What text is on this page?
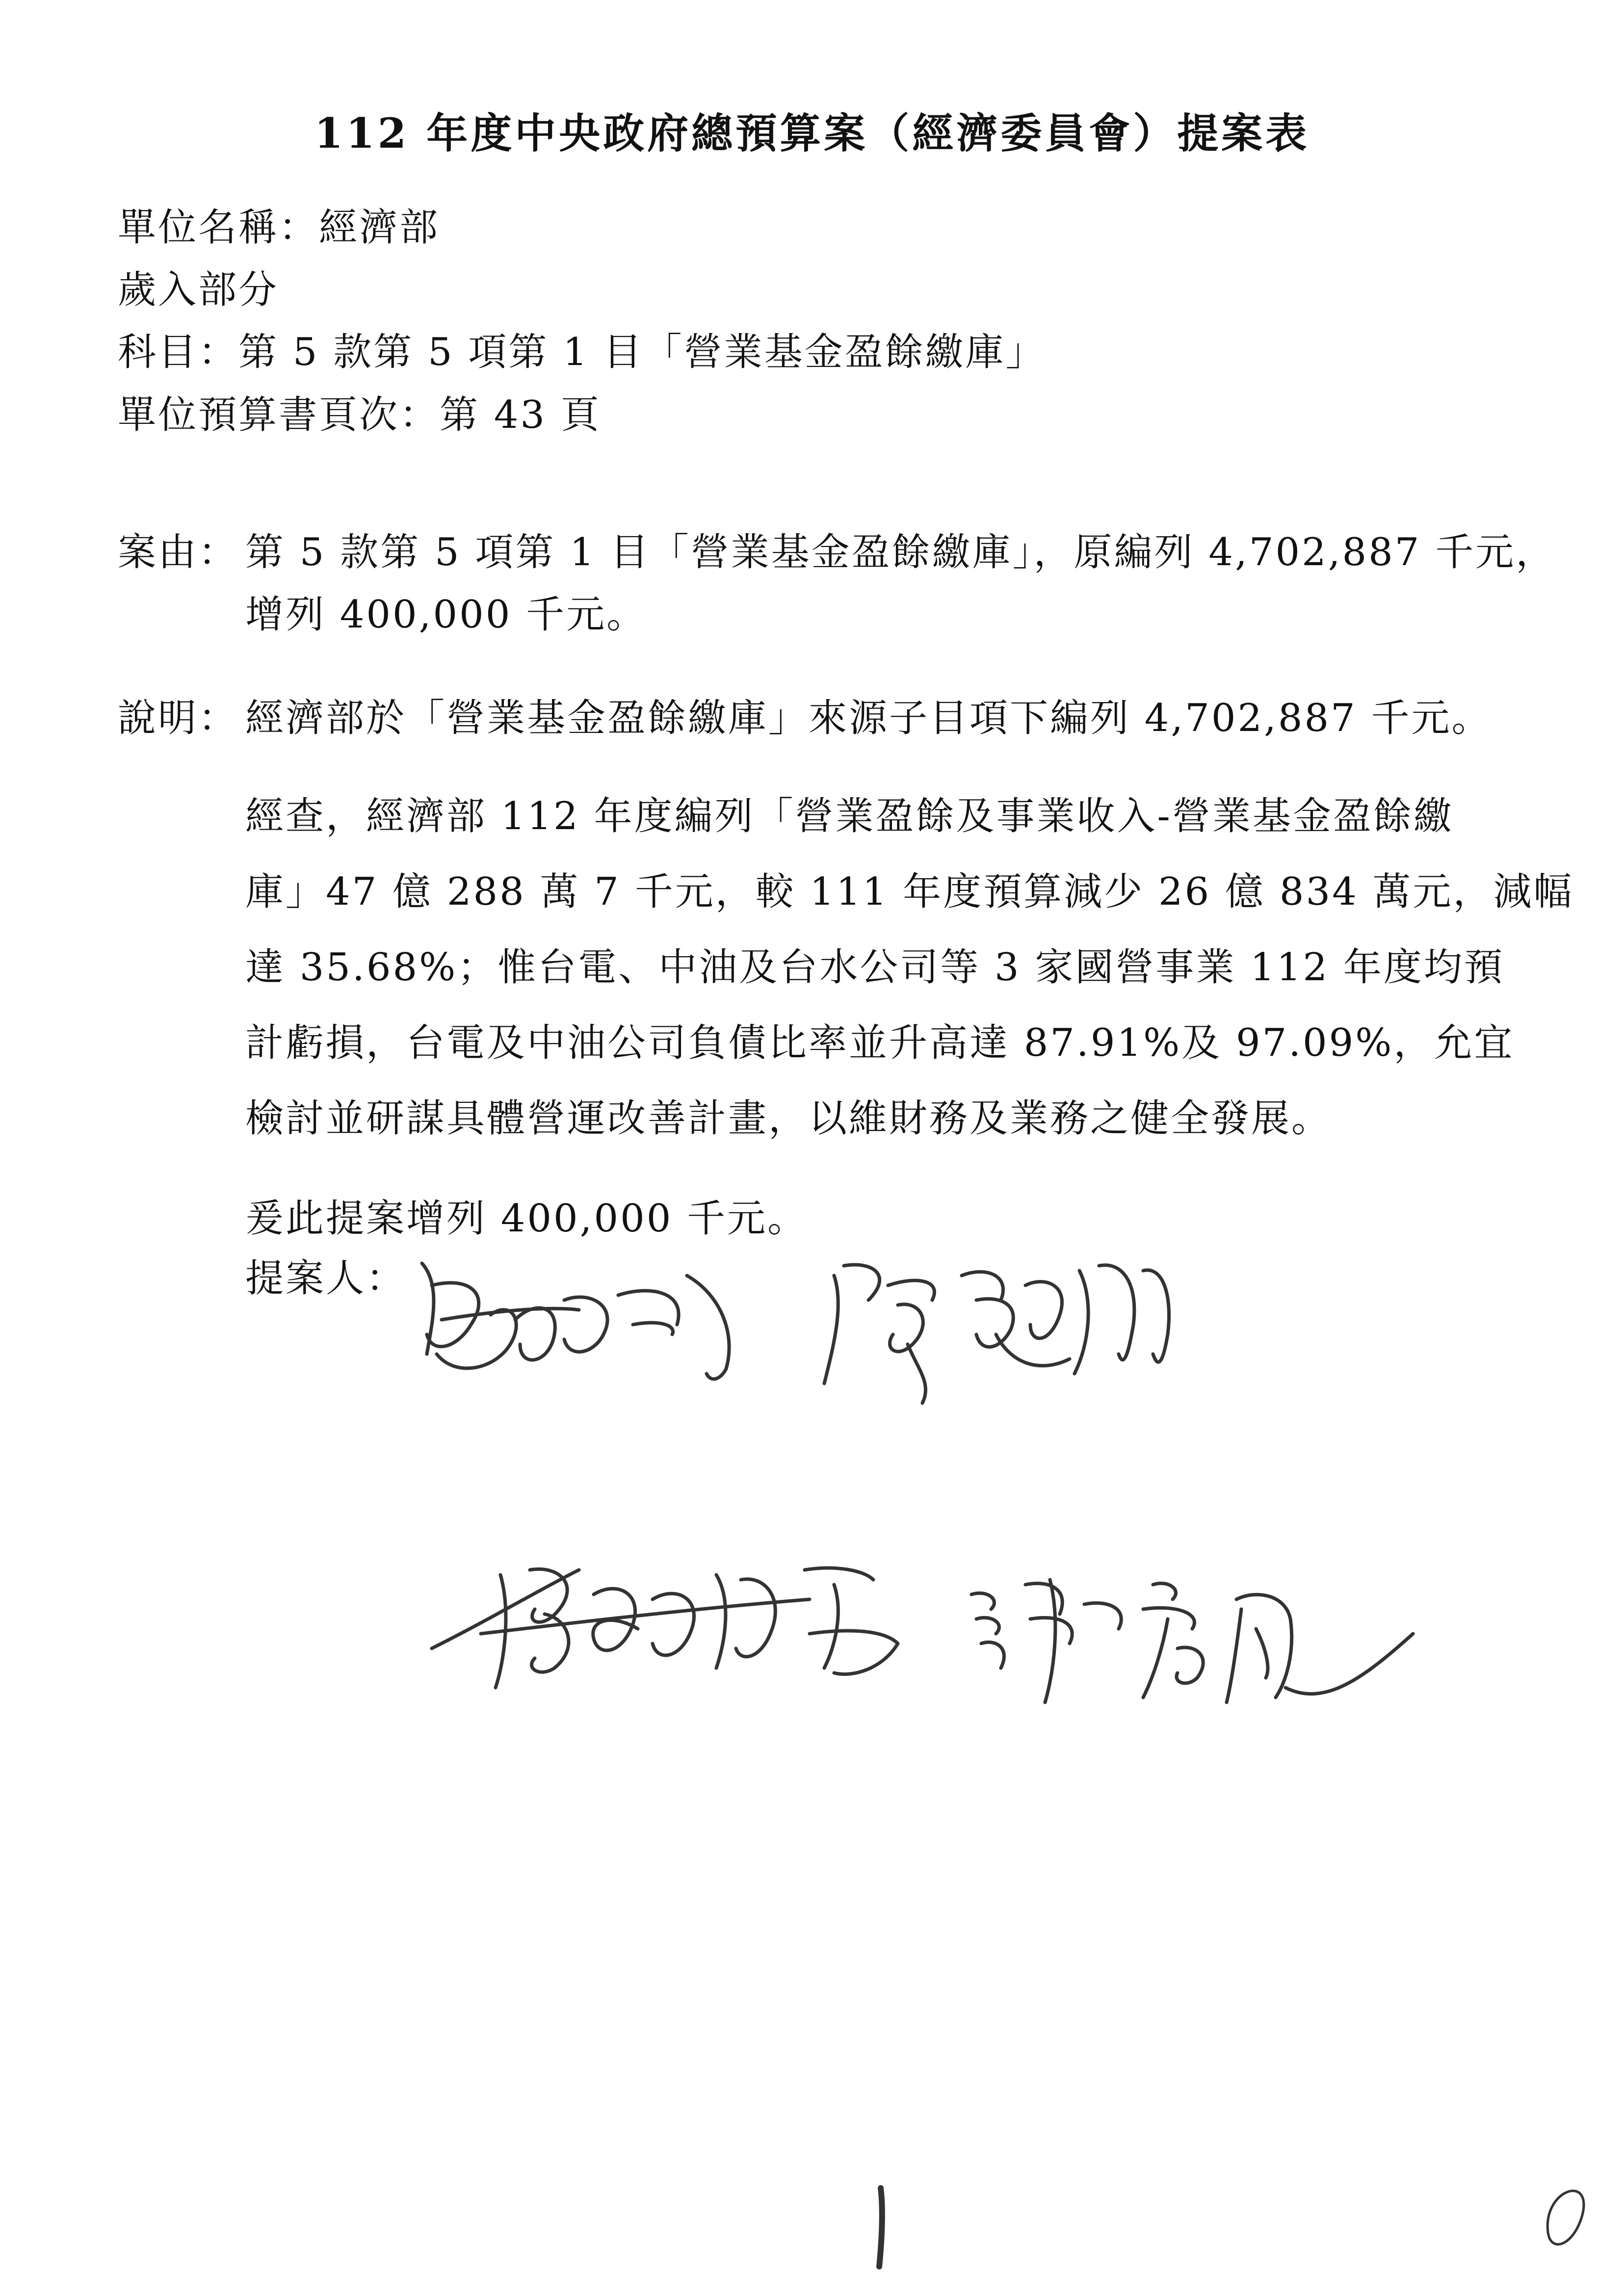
112 年度中央政府總預算案（經濟委員會）提案表
單位名稱：經濟部
歲入部分
科目：第 5 款第 5 項第 1 目「營業基金盈餘繳庫」
單位預算書頁次：第 43 頁
案由： 第 5 款第 5 項第 1 目「營業基金盈餘繳庫」，原編列 4,702,887 千元，
增列 400,000 千元。
說明： 經濟部於「營業基金盈餘繳庫」來源子目項下編列 4,702,887 千元。
經查，經濟部 112 年度編列「營業盈餘及事業收入-營業基金盈餘繳
庫」47 億 288 萬 7 千元，較 111 年度預算減少 26 億 834 萬元，減幅
達 35.68%；惟台電、中油及台水公司等 3 家國營事業 112 年度均預
計虧損，台電及中油公司負債比率並升高達 87.91%及 97.09%，允宜
檢討並研謀具體營運改善計畫，以維財務及業務之健全發展。
爰此提案增列 400,000 千元。
提案人：
